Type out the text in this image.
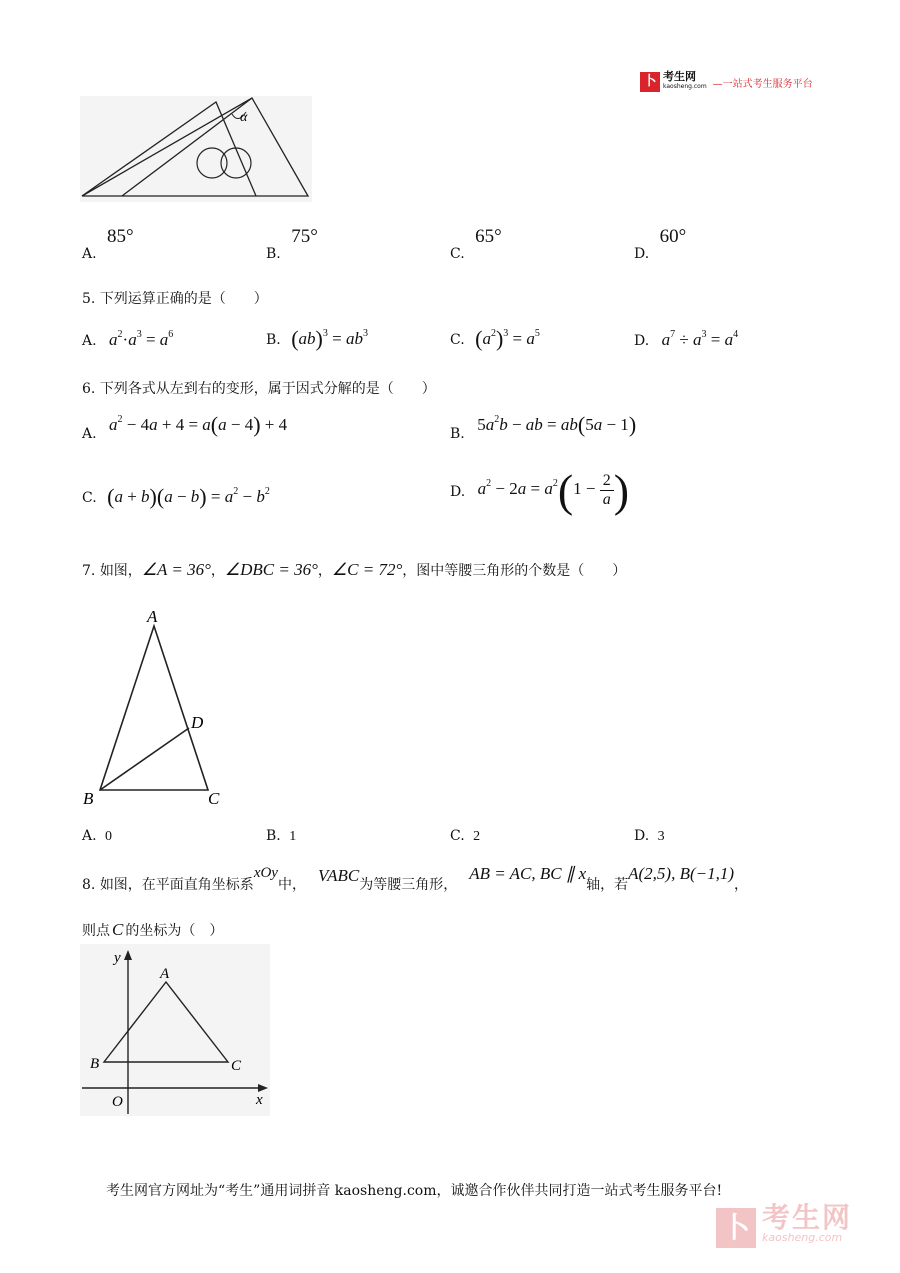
卜 考生网
kaosheng.com —一站式考生服务平台
α
A. 85°
B. 75°
C. 65°
D. 60°
5. 下列运算正确的是（　　）
A. $a^2\cdot a^3 = a^6$	B. $(ab)^3 = ab^3$	C. $(a^2)^3 = a^5$	D. $a^7 \div a^3 = a^4$
6. 下列各式从左到右的变形，属于因式分解的是（　　）
A. $a^2 - 4a + 4 = a(a - 4) + 4$	B. $5a^2b$ − ab = ab(5a − 1)
C. $(a + b)(a - b) = a^2 - b^2$	D. $a^2 - 2a = a^2(1 - \frac{2}{a}$ )
7. 如图，∠A = 36°，∠DBC = 36°，∠C = 72°，图中等腰三角形的个数是（　　）
A
B	C
D
A. 0	B. 1	C. 2	D. 3
8. 如图，在平面直角坐标系xOy中， VABC为等腰三角形，AB = AC, BC ∥ x轴，若A(2,5), B(−1,1)，
则点 C 的坐标为（　）
y
x
O
A
B	C
考生网官方网址为“考生”通用词拼音 kaosheng.com，诚邀合作伙伴共同打造一站式考生服务平台!
卜 考生网
kaosheng.com
